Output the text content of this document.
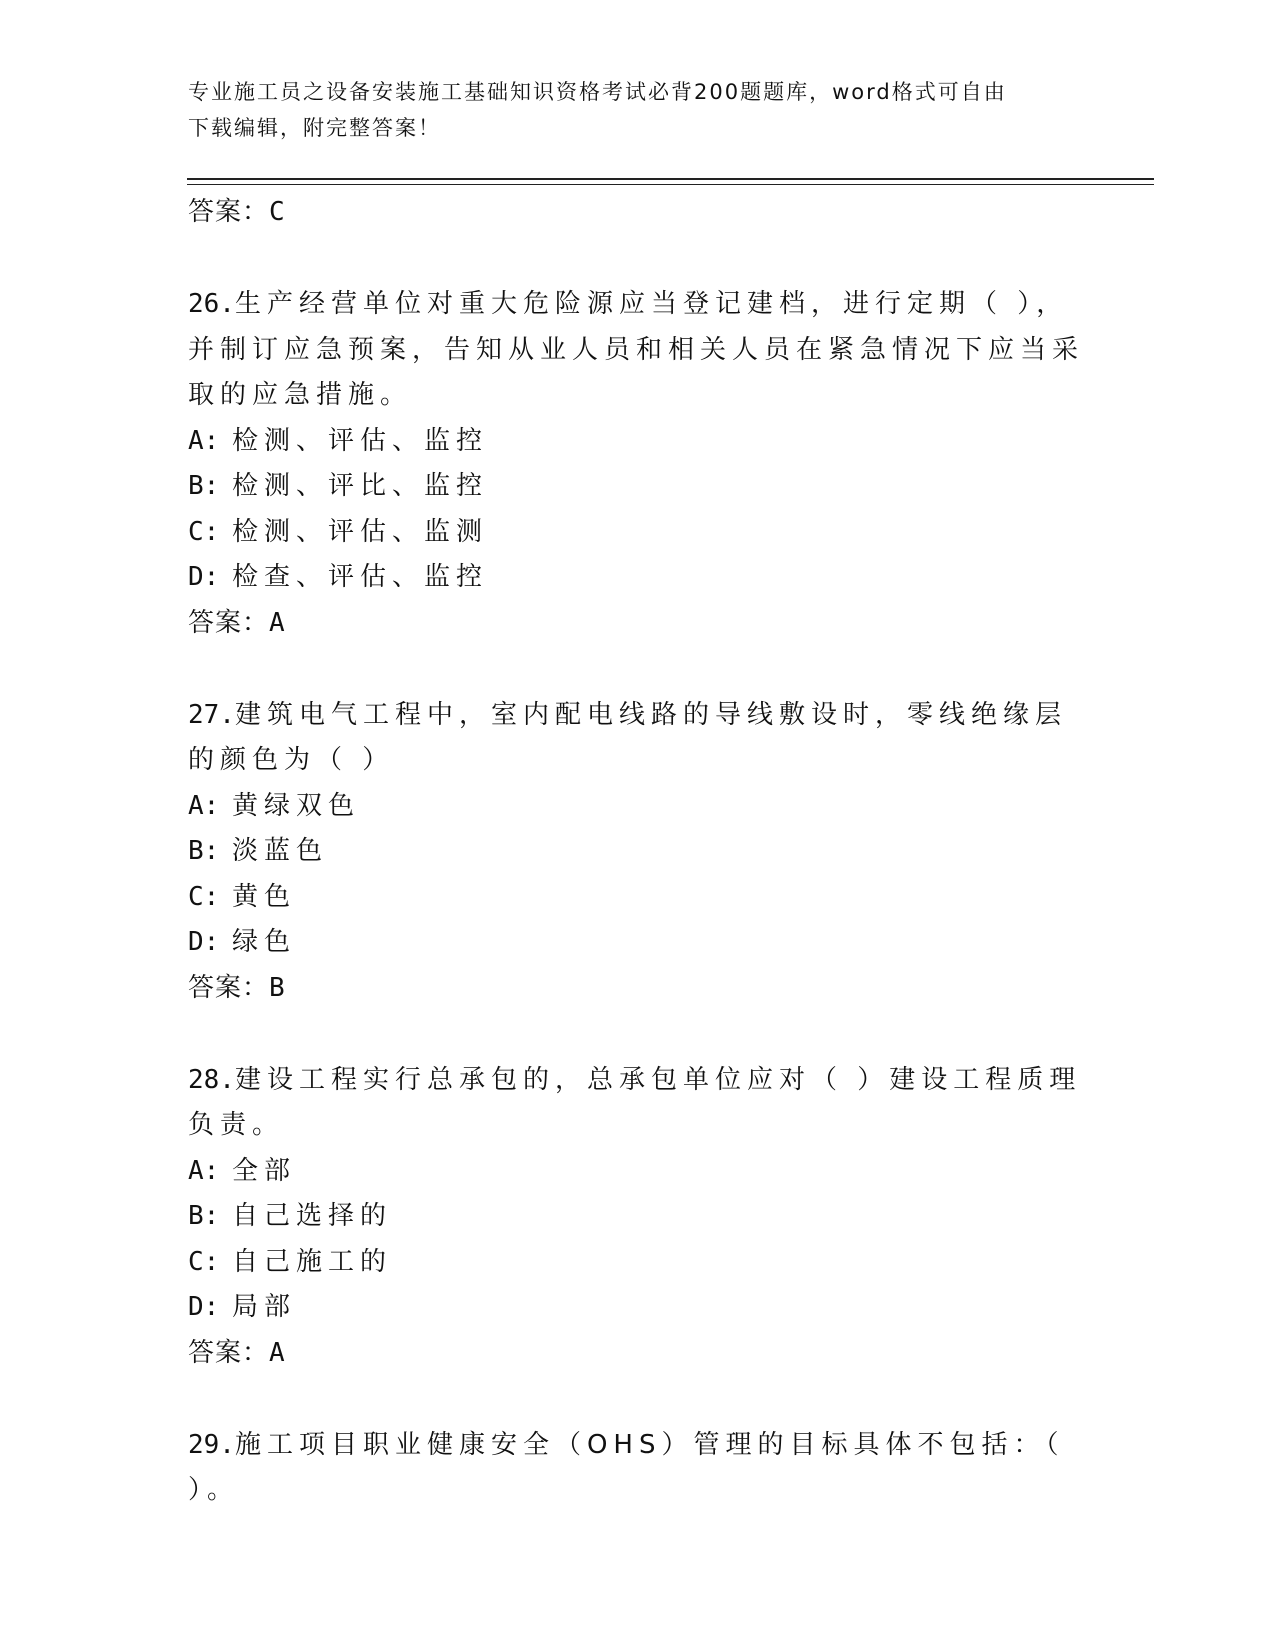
专业施工员之设备安装施工基础知识资格考试必背200题题库，word格式可自由
下载编辑，附完整答案！
答案：C

26.生产经营单位对重大危险源应当登记建档，进行定期（ ），并制订应急预案，告知从业人员和相关人员在紧急情况下应当采取的应急措施。

A: 检测、评估、监控
B: 检测、评比、监控
C: 检测、评估、监测
D: 检查、评估、监控
答案：A

27.建筑电气工程中，室内配电线路的导线敷设时，零线绝缘层的颜色为（ ）

A: 黄绿双色
B: 淡蓝色
C: 黄色
D: 绿色
答案：B

28.建设工程实行总承包的，总承包单位应对（ ）建设工程质理负责。

A: 全部
B: 自己选择的
C: 自己施工的
D: 局部
答案：A

29.施工项目职业健康安全（OHS）管理的目标具体不包括：（ ）。
